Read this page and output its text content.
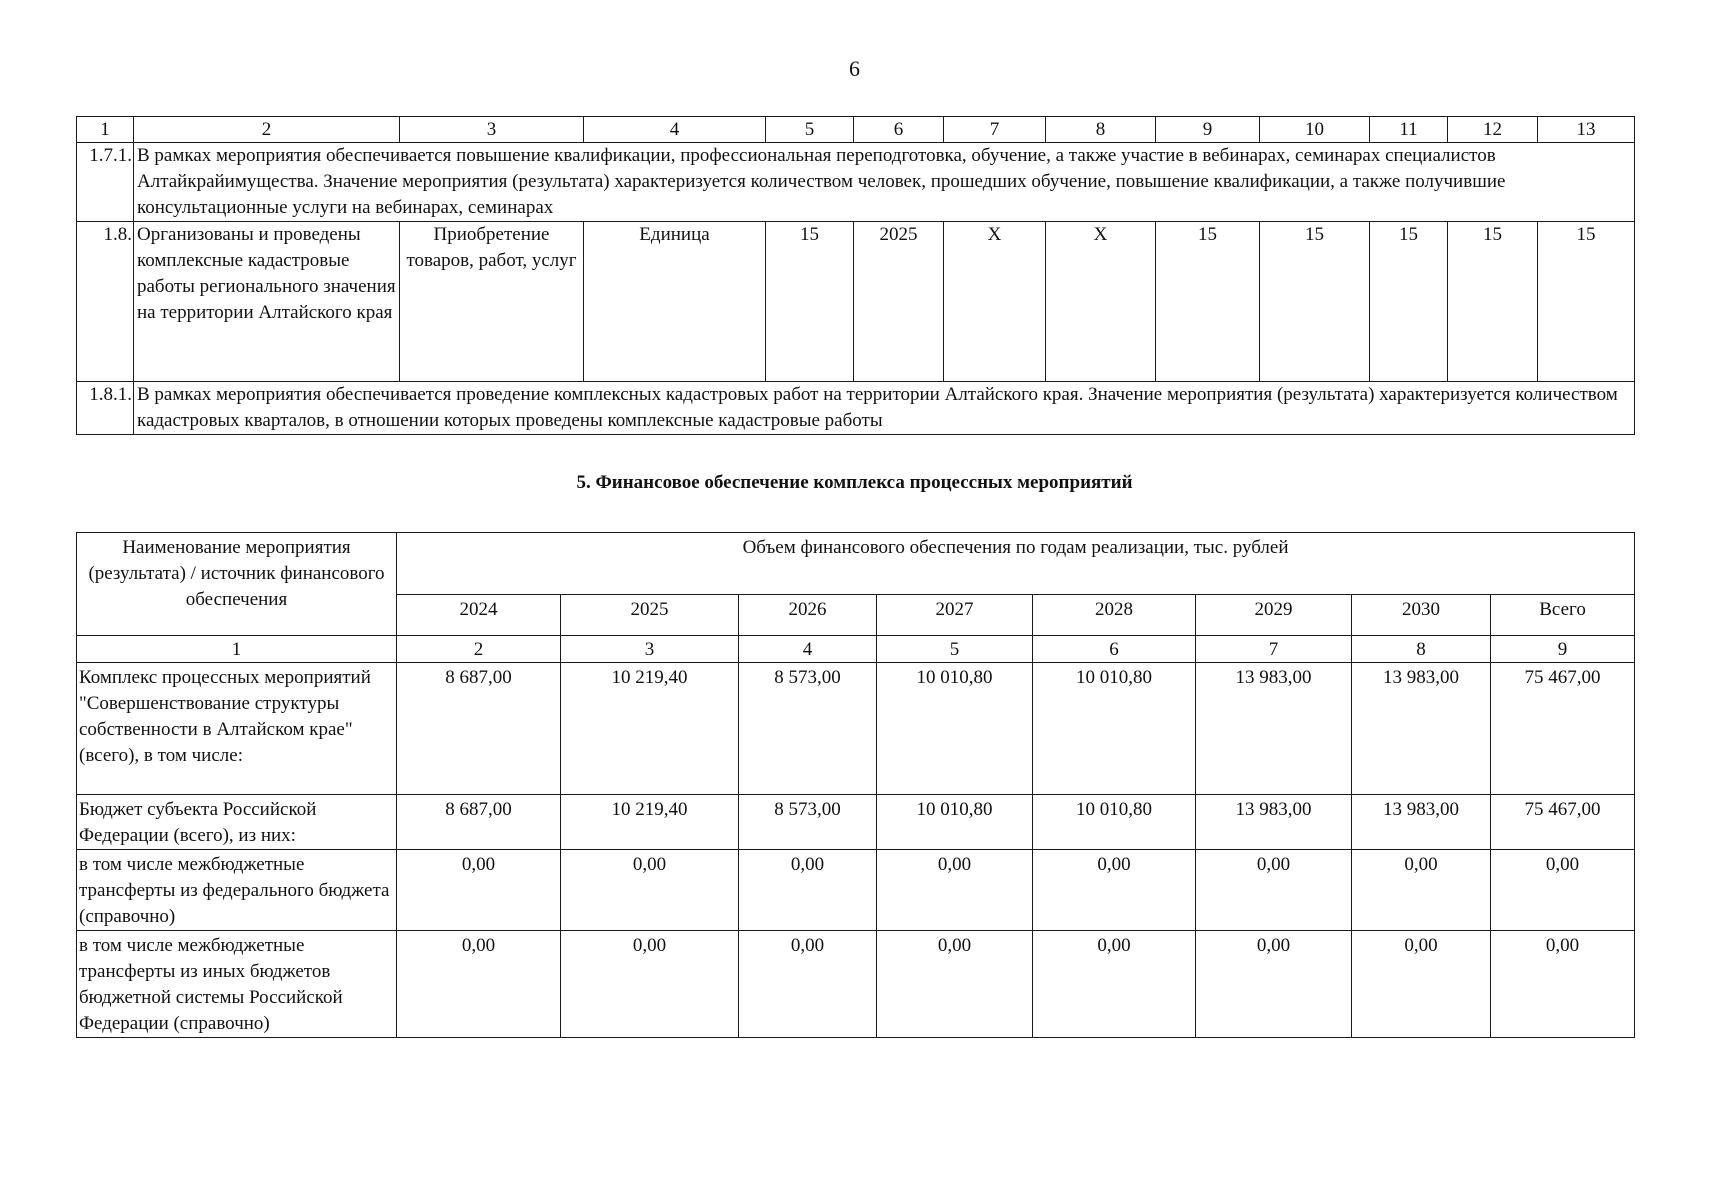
6
1	2	3	4	5	6	7	8	9	10	11	12	13
1.7.1.	В рамках мероприятия обеспечивается повышение квалификации, профессиональная переподготовка, обучение, а также участие в вебинарах, семинарах специалистов Алтайкрайимущества. Значение мероприятия (результата) характеризуется количеством человек, прошедших обучение, повышение квалификации, а также получившие консультационные услуги на вебинарах, семинарах											
1.8.	Организованы и проведены комплексные кадастровые работы регионального значения на территории Алтайского края	Приобретение товаров, работ, услуг	Единица	15	2025	X	X	15	15	15	15	15
1.8.1.	В рамках мероприятия обеспечивается проведение комплексных кадастровых работ на территории Алтайского края. Значение мероприятия (результата) характеризуется количеством кадастровых кварталов, в отношении которых проведены комплексные кадастровые работы											
5. Финансовое обеспечение комплекса процессных мероприятий
Наименование мероприятия (результата) / источник финансового обеспечения	Объем финансового обеспечения по годам реализации, тыс. рублей							
	2024	2025	2026	2027	2028	2029	2030	Всего
1	2	3	4	5	6	7	8	9
Комплекс процессных мероприятий "Совершенствование структуры собственности в Алтайском крае" (всего), в том числе:	8 687,00	10 219,40	8 573,00	10 010,80	10 010,80	13 983,00	13 983,00	75 467,00
Бюджет субъекта Российской Федерации (всего), из них:	8 687,00	10 219,40	8 573,00	10 010,80	10 010,80	13 983,00	13 983,00	75 467,00
в том числе межбюджетные трансферты из федерального бюджета (справочно)	0,00	0,00	0,00	0,00	0,00	0,00	0,00	0,00
в том числе межбюджетные трансферты из иных бюджетов бюджетной системы Российской Федерации (справочно)	0,00	0,00	0,00	0,00	0,00	0,00	0,00	0,00
